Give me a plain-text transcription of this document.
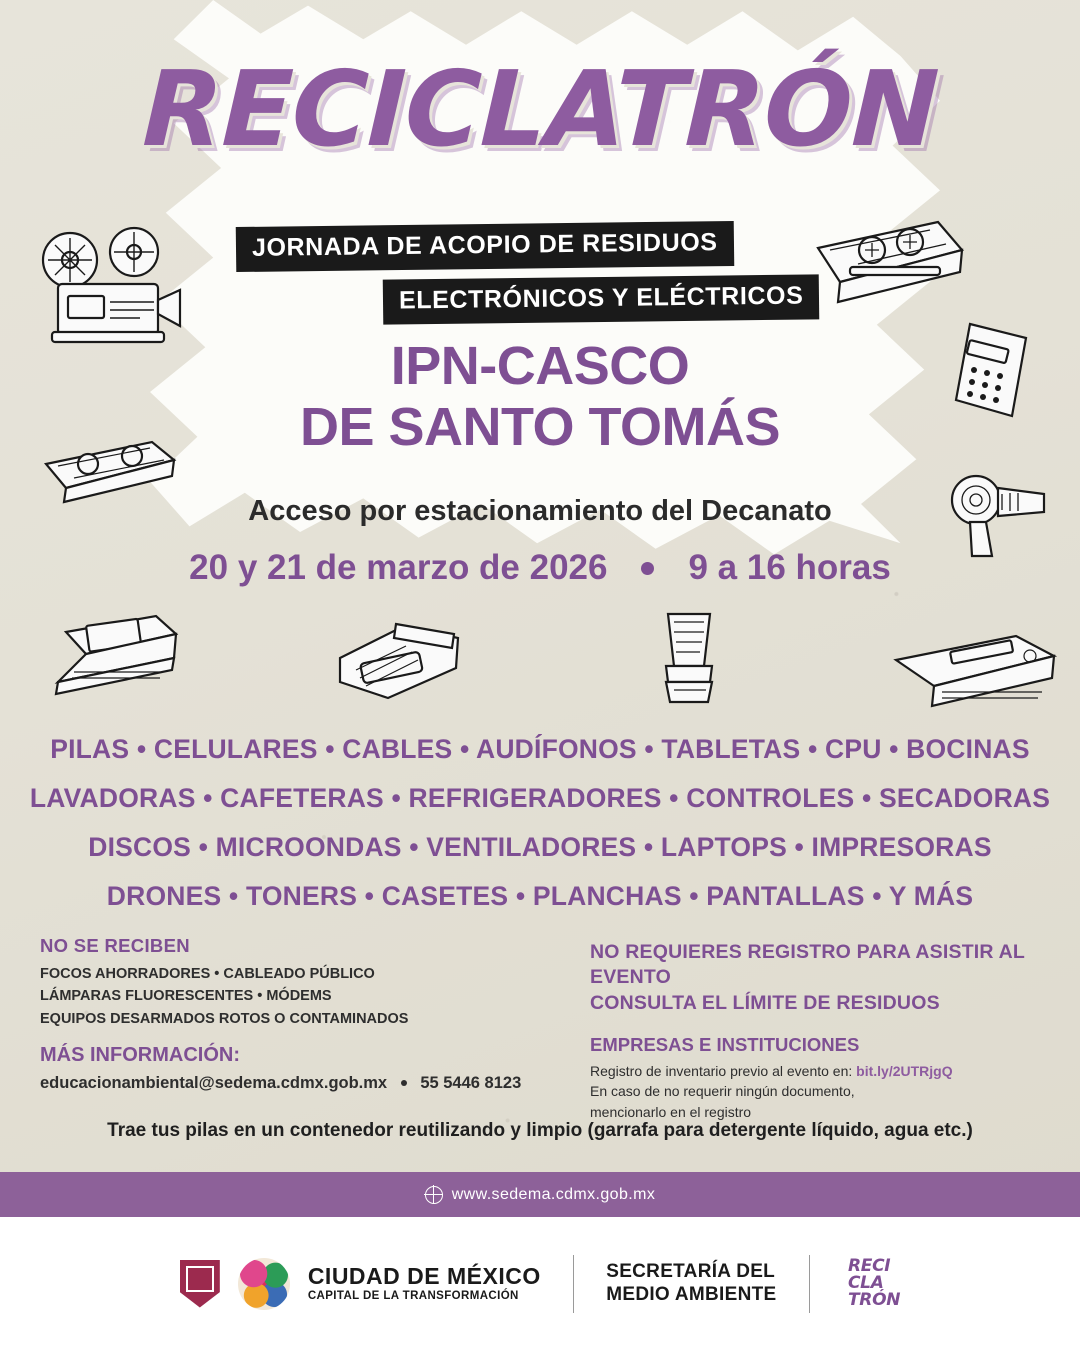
RECICLATRÓN
JORNADA DE ACOPIO DE RESIDUOS
ELECTRÓNICOS Y ELÉCTRICOS
IPN-CASCO
DE SANTO TOMÁS
Acceso por estacionamiento del Decanato
20 y 21 de marzo de 2026 9 a 16 horas
PILAS • CELULARES • CABLES • AUDÍFONOS • TABLETAS • CPU • BOCINAS
LAVADORAS • CAFETERAS • REFRIGERADORES • CONTROLES • SECADORAS
DISCOS • MICROONDAS • VENTILADORES • LAPTOPS • IMPRESORAS
DRONES • TONERS • CASETES • PLANCHAS • PANTALLAS • Y MÁS
NO SE RECIBEN
FOCOS AHORRADORES • CABLEADO PÚBLICO
LÁMPARAS FLUORESCENTES • MÓDEMS
EQUIPOS DESARMADOS ROTOS O CONTAMINADOS
MÁS INFORMACIÓN:
educacionambiental@sedema.cdmx.gob.mx 55 5446 8123
NO REQUIERES REGISTRO PARA ASISTIR AL EVENTO
CONSULTA EL LÍMITE DE RESIDUOS
EMPRESAS E INSTITUCIONES
Registro de inventario previo al evento en: bit.ly/2UTRjgQ
En caso de no requerir ningún documento,
mencionarlo en el registro
Trae tus pilas en un contenedor reutilizando y limpio (garrafa para detergente líquido, agua etc.)
www.sedema.cdmx.gob.mx
CIUDAD DE MÉXICO
CAPITAL DE LA TRANSFORMACIÓN
SECRETARÍA DEL
MEDIO AMBIENTE
RECI
CLA
TRÓN
